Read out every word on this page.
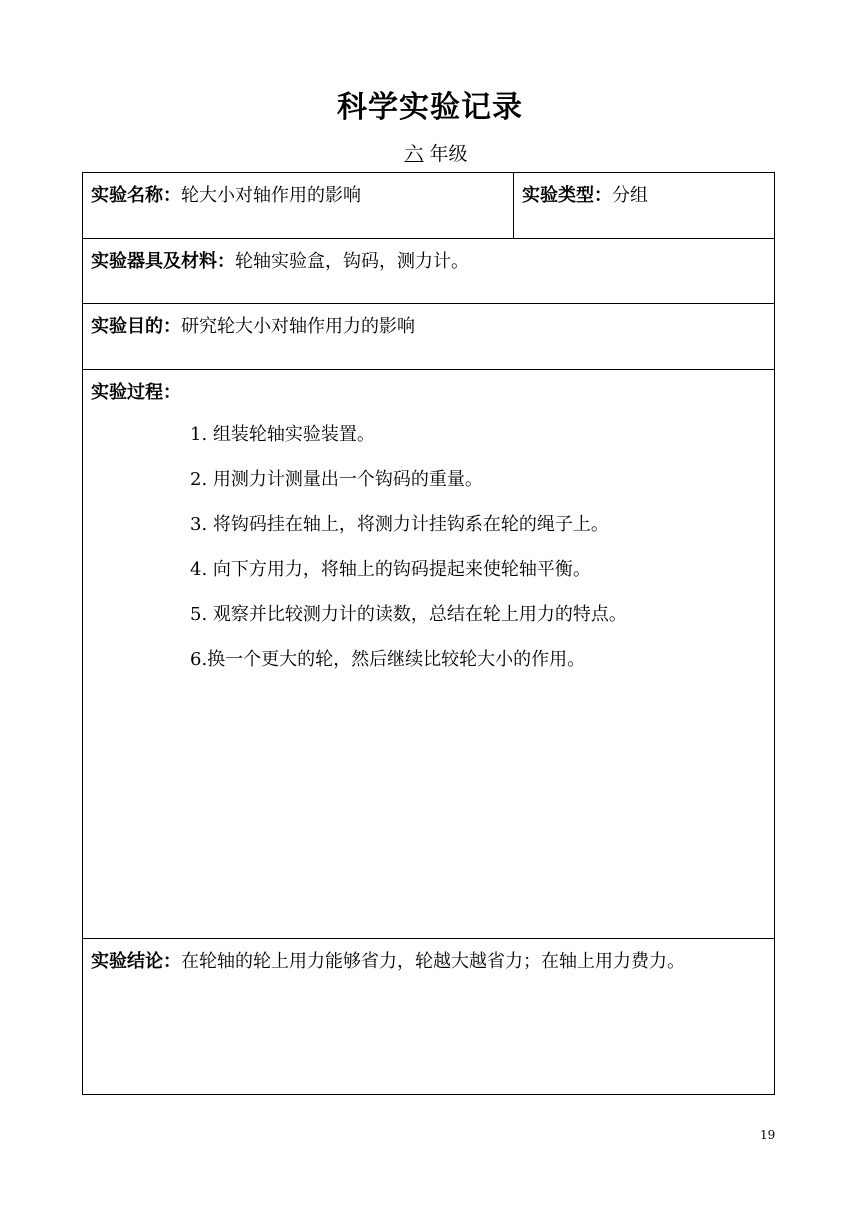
科学实验记录
六 年级
实验名称：轮大小对轴作用的影响	实验类型：分组
实验器具及材料：轮轴实验盒，钩码，测力计。
实验目的：研究轮大小对轴作用力的影响
实验过程：
1. 组装轮轴实验装置。
2. 用测力计测量出一个钩码的重量。
3. 将钩码挂在轴上，将测力计挂钩系在轮的绳子上。
4. 向下方用力，将轴上的钩码提起来使轮轴平衡。
5. 观察并比较测力计的读数，总结在轮上用力的特点。
6.换一个更大的轮，然后继续比较轮大小的作用。

实验结论：在轮轴的轮上用力能够省力，轮越大越省力；在轴上用力费力。
19
